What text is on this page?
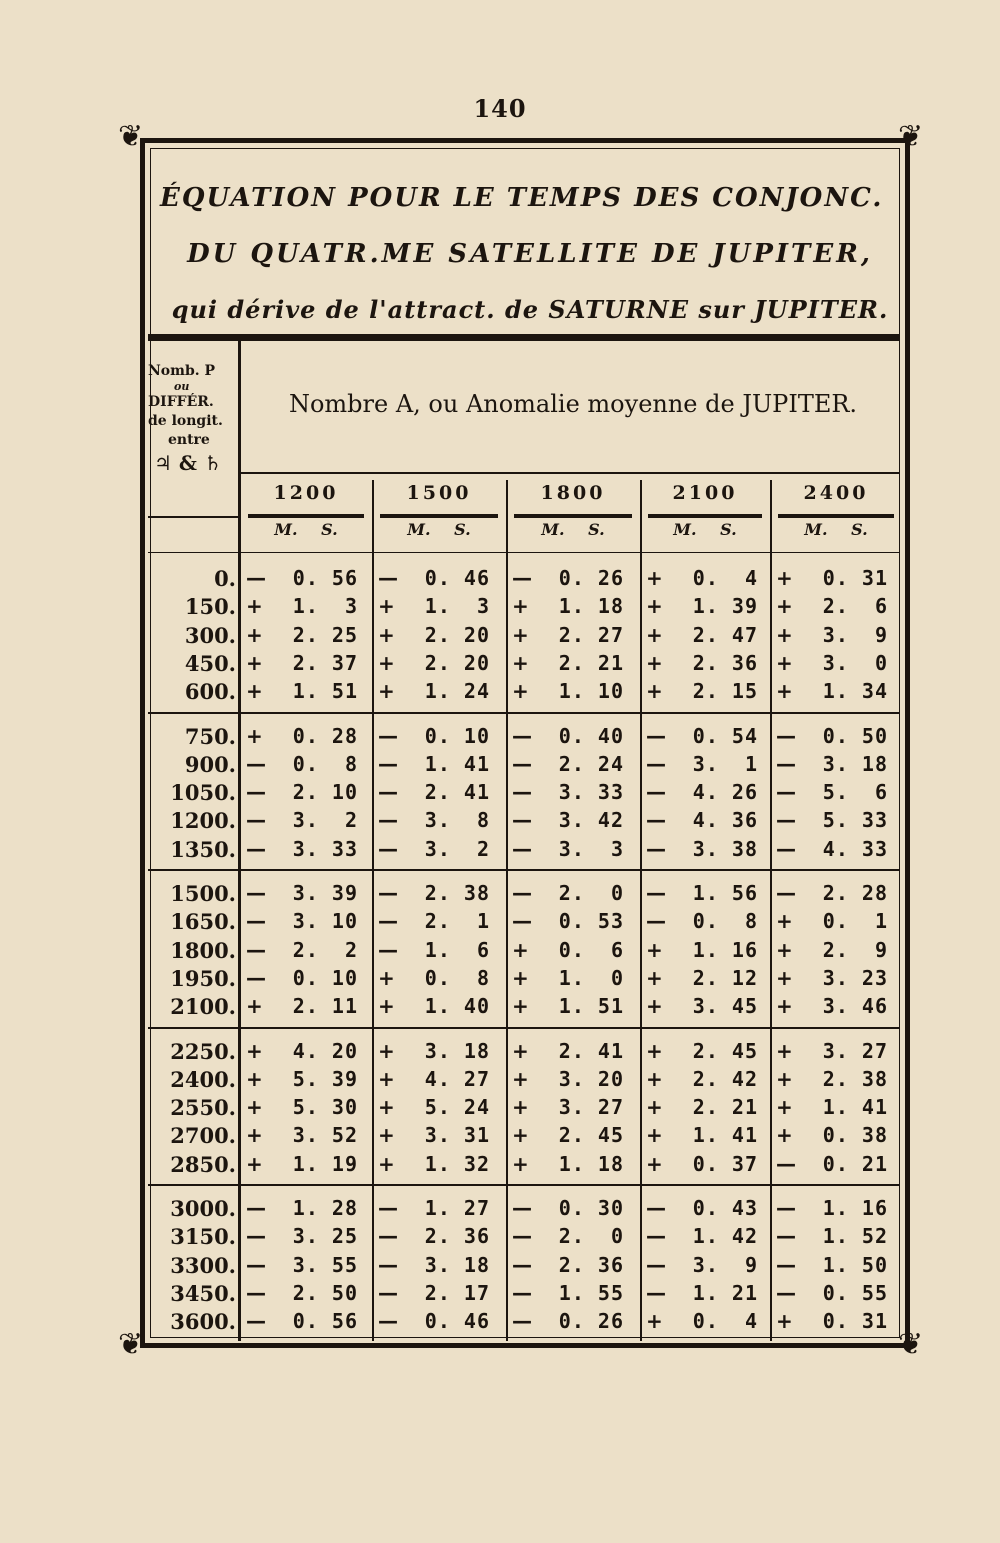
140
❦	❦
❦	❦
ÉQUATION POUR LE TEMPS DES CONJONC.
DU QUATR.ME SATELLITE DE JUPITER,
qui dérive de l'attract. de SATURNE sur JUPITER.
Nomb. P
ou
DIFFÉR.
de longit.
entre
♃ & ♄
Nombre A, ou Anomalie moyenne de JUPITER.
1200
M. S.
1500
M. S.
1800
M. S.
2100
M. S.
2400
M. S.
0. — 0. 56	— 0. 46	— 0. 26	+ 0.  4 + 0. 31
150. + 1.  3	+ 1.  3	+ 1. 18	+ 1. 39 + 2.  6
300. + 2. 25	+ 2. 20	+ 2. 27	+ 2. 47 + 3.  9
450. + 2. 37	+ 2. 20	+ 2. 21	+ 2. 36 + 3.  0
600. + 1. 51	+ 1. 24	+ 1. 10	+ 2. 15 + 1. 34
750. + 0. 28	— 0. 10	— 0. 40	— 0. 54 — 0. 50
900. — 0.  8	— 1. 41	— 2. 24	— 3.  1 — 3. 18
1050. — 2. 10	— 2. 41	— 3. 33	— 4. 26 — 5.  6
1200. — 3.  2	— 3.  8	— 3. 42	— 4. 36 — 5. 33
1350. — 3. 33	— 3.  2	— 3.  3	— 3. 38 — 4. 33
1500. — 3. 39	— 2. 38	— 2.  0	— 1. 56 — 2. 28
1650. — 3. 10	— 2.  1	— 0. 53	— 0.  8 + 0.  1
1800. — 2.  2	— 1.  6	+ 0.  6	+ 1. 16 + 2.  9
1950. — 0. 10	+ 0.  8	+ 1.  0	+ 2. 12 + 3. 23
2100. + 2. 11	+ 1. 40	+ 1. 51	+ 3. 45 + 3. 46
2250. + 4. 20	+ 3. 18	+ 2. 41	+ 2. 45 + 3. 27
2400. + 5. 39	+ 4. 27	+ 3. 20	+ 2. 42 + 2. 38
2550. + 5. 30	+ 5. 24	+ 3. 27	+ 2. 21 + 1. 41
2700. + 3. 52	+ 3. 31	+ 2. 45	+ 1. 41 + 0. 38
2850. + 1. 19	+ 1. 32	+ 1. 18	+ 0. 37 — 0. 21
3000. — 1. 28	— 1. 27	— 0. 30	— 0. 43 — 1. 16
3150. — 3. 25	— 2. 36	— 2.  0	— 1. 42 — 1. 52
3300. — 3. 55	— 3. 18	— 2. 36	— 3.  9 — 1. 50
3450. — 2. 50	— 2. 17	— 1. 55	— 1. 21 — 0. 55
3600. — 0. 56	— 0. 46	— 0. 26	+ 0.  4 + 0. 31
